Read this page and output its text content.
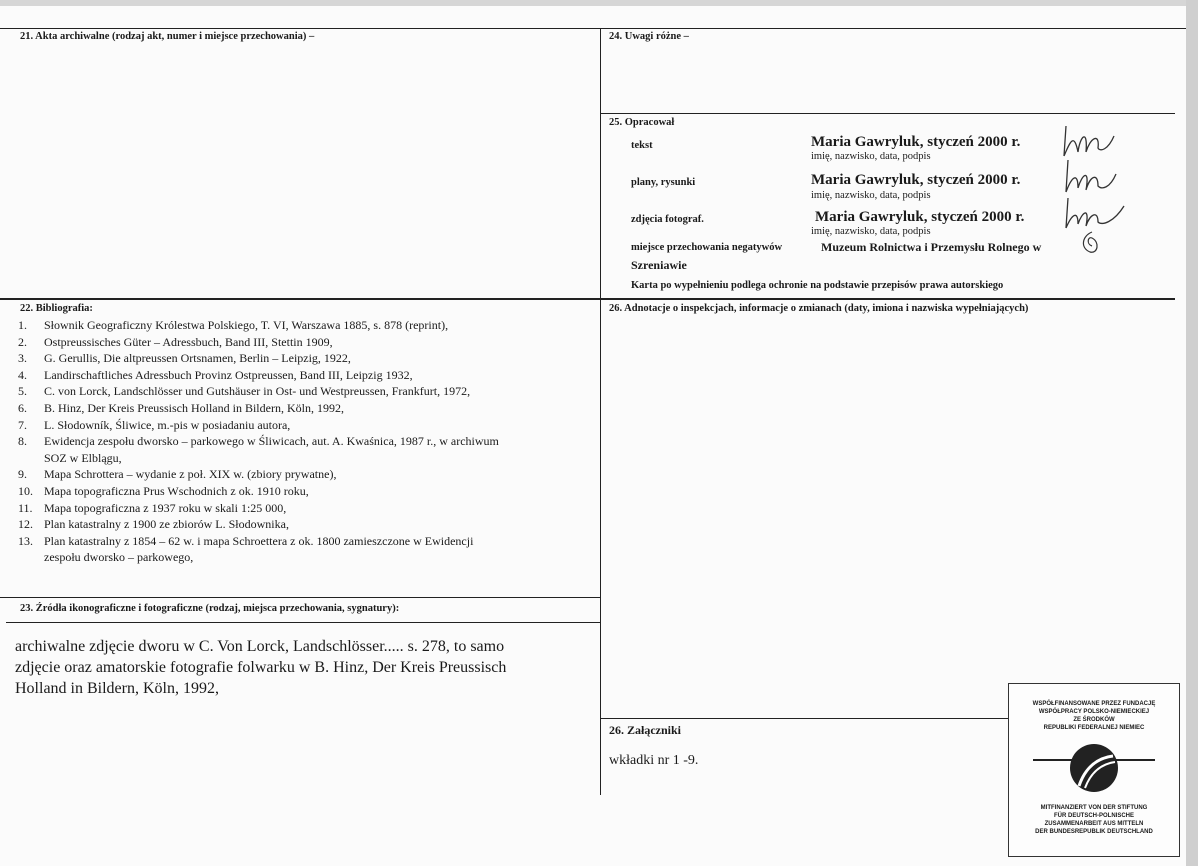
21. Akta archiwalne (rodzaj akt, numer i miejsce przechowania) –	24. Uwagi różne –
25. Opracował
tekst	Maria Gawryluk, styczeń 2000 r.
imię, nazwisko, data, podpis
plany, rysunki	Maria Gawryluk, styczeń 2000 r.
imię, nazwisko, data, podpis
zdjęcia fotograf.	Maria Gawryluk, styczeń 2000 r.
imię, nazwisko, data, podpis
miejsce przechowania negatywów	Muzeum Rolnictwa i Przemysłu Rolnego w
Szreniawie
Karta po wypełnieniu podlega ochronie na podstawie przepisów prawa autorskiego
22. Bibliografia:
1. Słownik Geograficzny Królestwa Polskiego, T. VI, Warszawa 1885, s. 878 (reprint),
2. Ostpreussisches Güter – Adressbuch, Band III, Stettin 1909,
3. G. Gerullis, Die altpreussen Ortsnamen, Berlin – Leipzig, 1922,
4. Landirschaftliches Adressbuch Provinz Ostpreussen, Band III, Leipzig 1932,
5. C. von Lorck, Landschlösser und Gutshäuser in Ost- und Westpreussen, Frankfurt, 1972,
6. B. Hinz, Der Kreis Preussisch Holland in Bildern, Köln, 1992,
7. L. Słodowník, Śliwice, m.-pis w posiadaniu autora,
8. Ewidencja zespołu dworsko – parkowego w Śliwicach, aut. A. Kwaśnica, 1987 r., w archiwum
SOZ w Elblągu,
9. Mapa Schrottera – wydanie z poł. XIX w. (zbiory prywatne),
10. Mapa topograficzna Prus Wschodnich z ok. 1910 roku,
11. Mapa topograficzna z 1937 roku w skali 1:25 000,
12. Plan katastralny z 1900 ze zbiorów L. Słodownika,
13. Plan katastralny z 1854 – 62 w. i mapa Schroettera z ok. 1800 zamieszczone w Ewidencji
zespołu dworsko – parkowego,
26. Adnotacje o inspekcjach, informacje o zmianach (daty, imiona i nazwiska wypełniających)
23. Źródła ikonograficzne i fotograficzne (rodzaj, miejsca przechowania, sygnatury):
archiwalne zdjęcie dworu w C. Von Lorck, Landschlösser..... s. 278, to samo
zdjęcie oraz amatorskie fotografie folwarku w B. Hinz, Der Kreis Preussisch
Holland in Bildern, Köln, 1992,
26. Załączniki
wkładki nr 1 -9.
WSPÓŁFINANSOWANE PRZEZ FUNDACJĘ
WSPÓŁPRACY POLSKO-NIEMIECKIEJ
ZE ŚRODKÓW
REPUBLIKI FEDERALNEJ NIEMIEC
MITFINANZIERT VON DER STIFTUNG
FÜR DEUTSCH-POLNISCHE
ZUSAMMENARBEIT AUS MITTELN
DER BUNDESREPUBLIK DEUTSCHLAND
